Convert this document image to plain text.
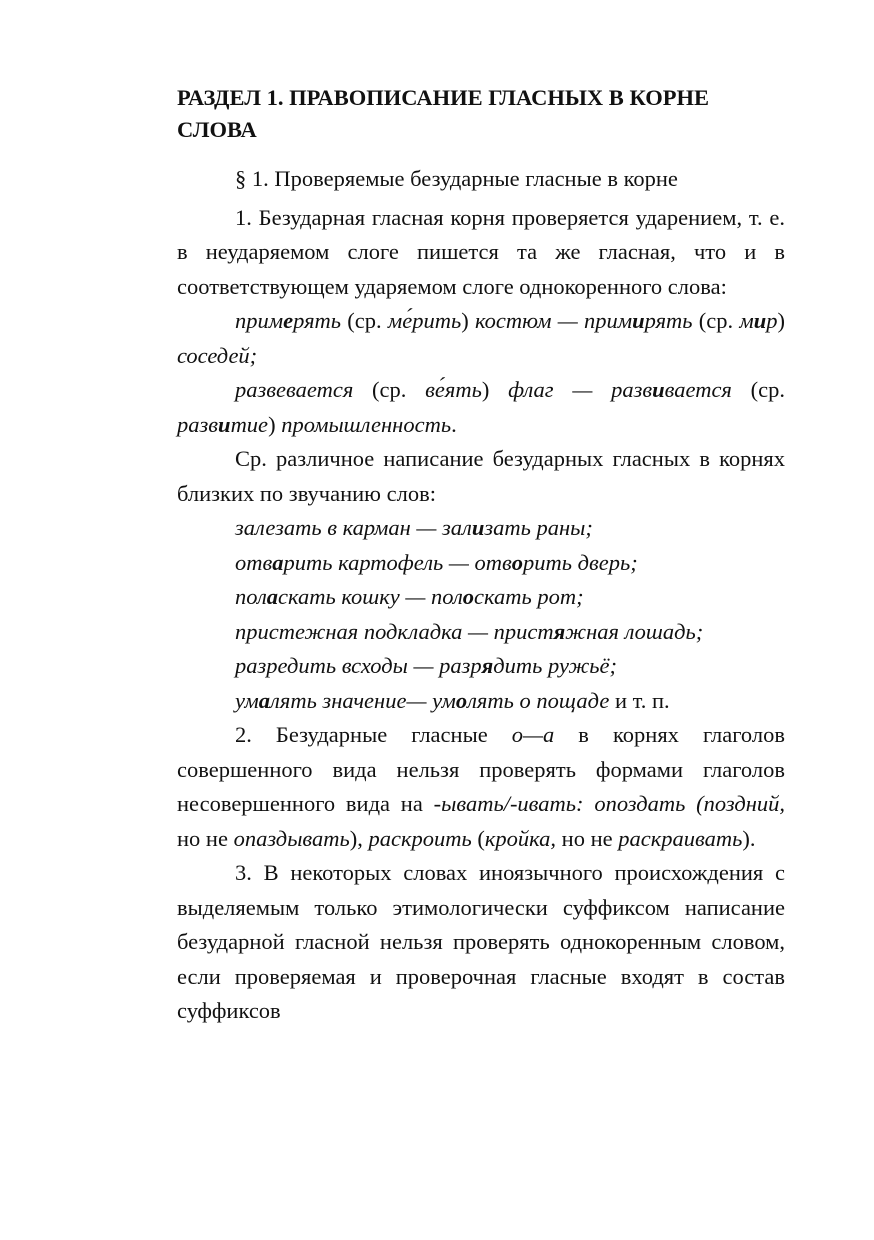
РАЗДЕЛ 1. ПРАВОПИСАНИЕ ГЛАСНЫХ В КОРНЕ СЛОВА
§ 1. Проверяемые безударные гласные в корне

1. Безударная гласная корня проверяется ударением, т. е. в неударяемом слоге пишется та же гласная, что и в соответствующем ударяемом слоге однокоренного слова:

примерять (ср. ме́рить) костюм — примирять (ср. мир) соседей;

развевается (ср. ве́ять) флаг — развивается (ср. развитие) промышленность.

Ср. различное написание безударных гласных в корнях близких по звучанию слов:

залезать в карман — зализать раны;

отварить картофель — отворить дверь;

поласкать кошку — полоскать рот;

пристежная подкладка — пристяжная лошадь;

разредить всходы — разрядить ружьё;

умалять значение— умолять о пощаде и т. п.

2. Безударные гласные о—а в корнях глаголов совершенного вида нельзя проверять формами глаголов несовершенного вида на -ывать/-ивать: опоздать (поздний, но не опаздывать), раскроить (кройка, но не раскраивать).

3. В некоторых словах иноязычного происхождения с выделяемым только этимологически суффиксом написание безударной гласной нельзя проверять однокоренным словом, если проверяемая и проверочная гласные входят в состав суффиксов
